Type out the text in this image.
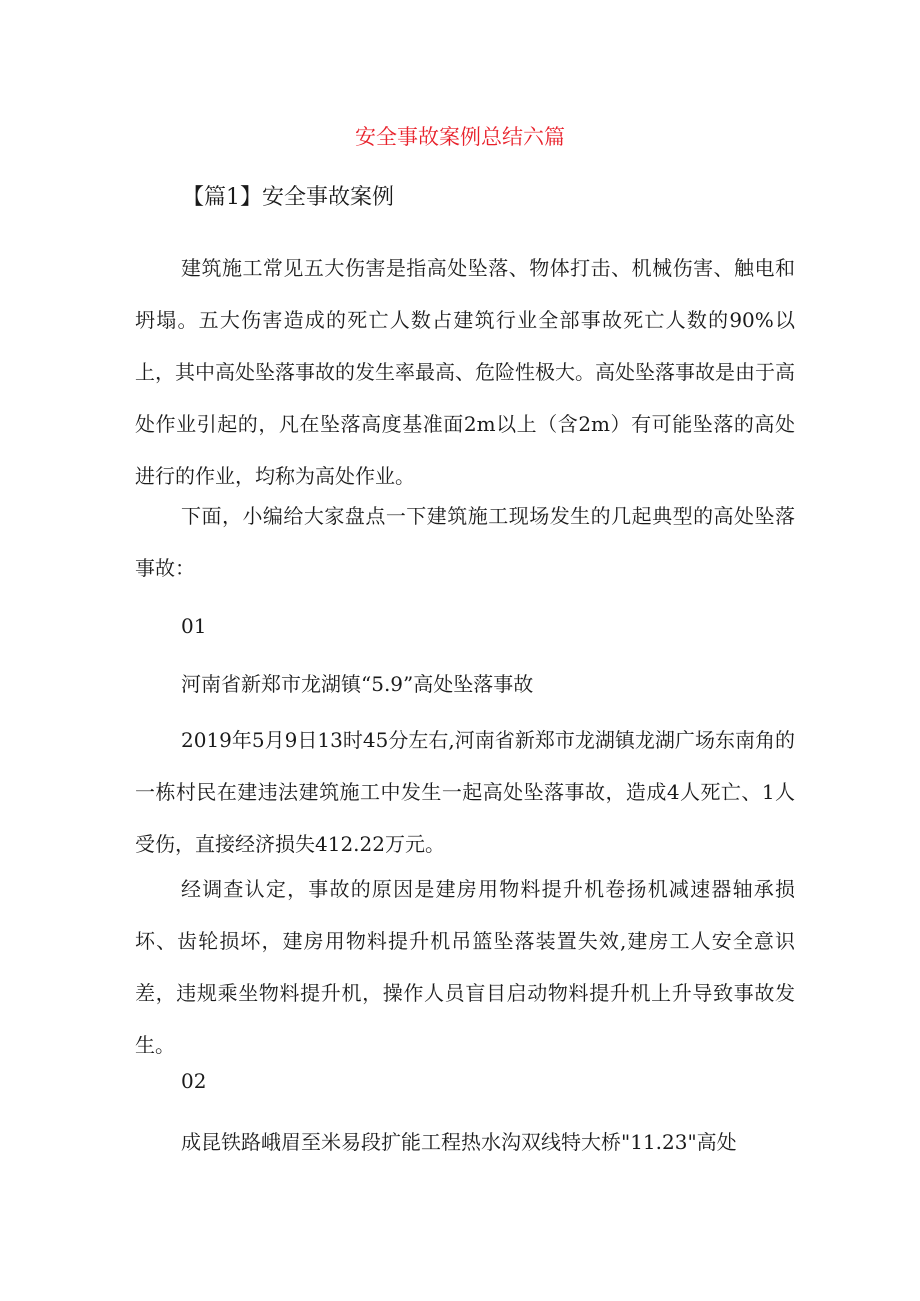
安全事故案例总结六篇
【篇1】安全事故案例

建筑施工常见五大伤害是指高处坠落、物体打击、机械伤害、触电和坍塌。五大伤害造成的死亡人数占建筑行业全部事故死亡人数的90%以上，其中高处坠落事故的发生率最高、危险性极大。高处坠落事故是由于高处作业引起的，凡在坠落高度基准面2m以上（含2m）有可能坠落的高处进行的作业，均称为高处作业。

下面，小编给大家盘点一下建筑施工现场发生的几起典型的高处坠落事故：

01

河南省新郑市龙湖镇“5.9”高处坠落事故

2019年5月9日13时45分左右,河南省新郑市龙湖镇龙湖广场东南角的一栋村民在建违法建筑施工中发生一起高处坠落事故，造成4人死亡、1人受伤，直接经济损失412.22万元。

经调查认定，事故的原因是建房用物料提升机卷扬机减速器轴承损坏、齿轮损坏，建房用物料提升机吊篮坠落装置失效,建房工人安全意识差，违规乘坐物料提升机，操作人员盲目启动物料提升机上升导致事故发生。

02

成昆铁路峨眉至米易段扩能工程热水沟双线特大桥"11.23"高处
